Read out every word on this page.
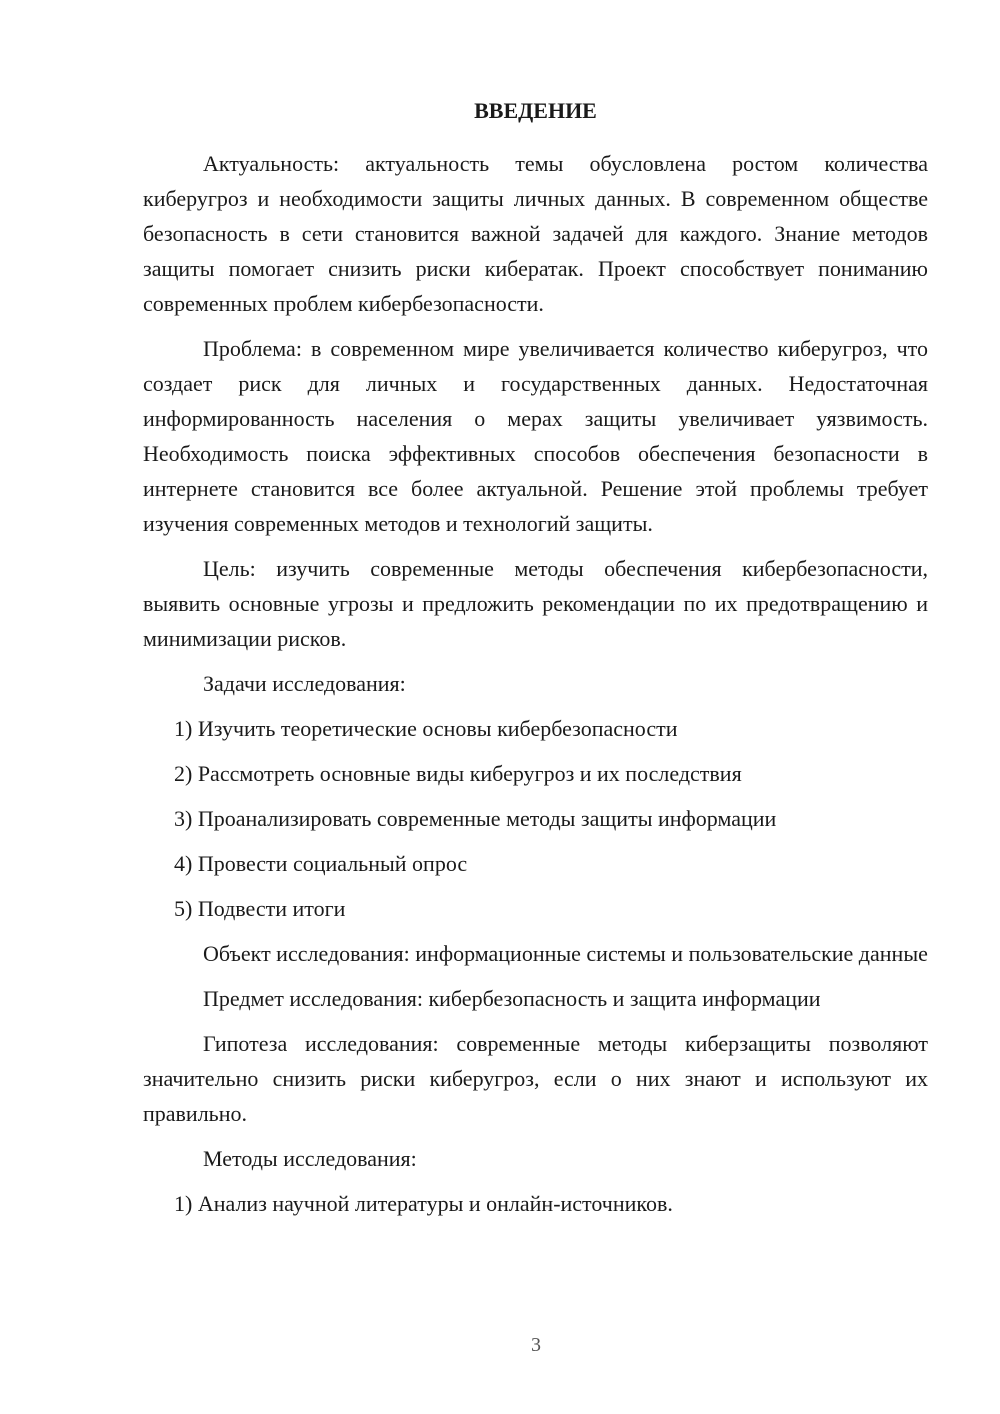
ВВЕДЕНИЕ

Актуальность: актуальность темы обусловлена ростом количества киберугроз и необходимости защиты личных данных. В современном обществе безопасность в сети становится важной задачей для каждого. Знание методов защиты помогает снизить риски кибератак. Проект способствует пониманию современных проблем кибербезопасности.

Проблема: в современном мире увеличивается количество киберугроз, что создает риск для личных и государственных данных. Недостаточная информированность населения о мерах защиты увеличивает уязвимость. Необходимость поиска эффективных способов обеспечения безопасности в интернете становится все более актуальной. Решение этой проблемы требует изучения современных методов и технологий защиты.

Цель: изучить современные методы обеспечения кибербезопасности, выявить основные угрозы и предложить рекомендации по их предотвращению и минимизации рисков.

Задачи исследования:
1) Изучить теоретические основы кибербезопасности
2) Рассмотреть основные виды киберугроз и их последствия
3) Проанализировать современные методы защиты информации
4) Провести социальный опрос
5) Подвести итоги

Объект исследования: информационные системы и пользовательские данные

Предмет исследования: кибербезопасность и защита информации

Гипотеза исследования: современные методы киберзащиты позволяют значительно снизить риски киберугроз, если о них знают и используют их правильно.

Методы исследования:
1) Анализ научной литературы и онлайн-источников.
3
